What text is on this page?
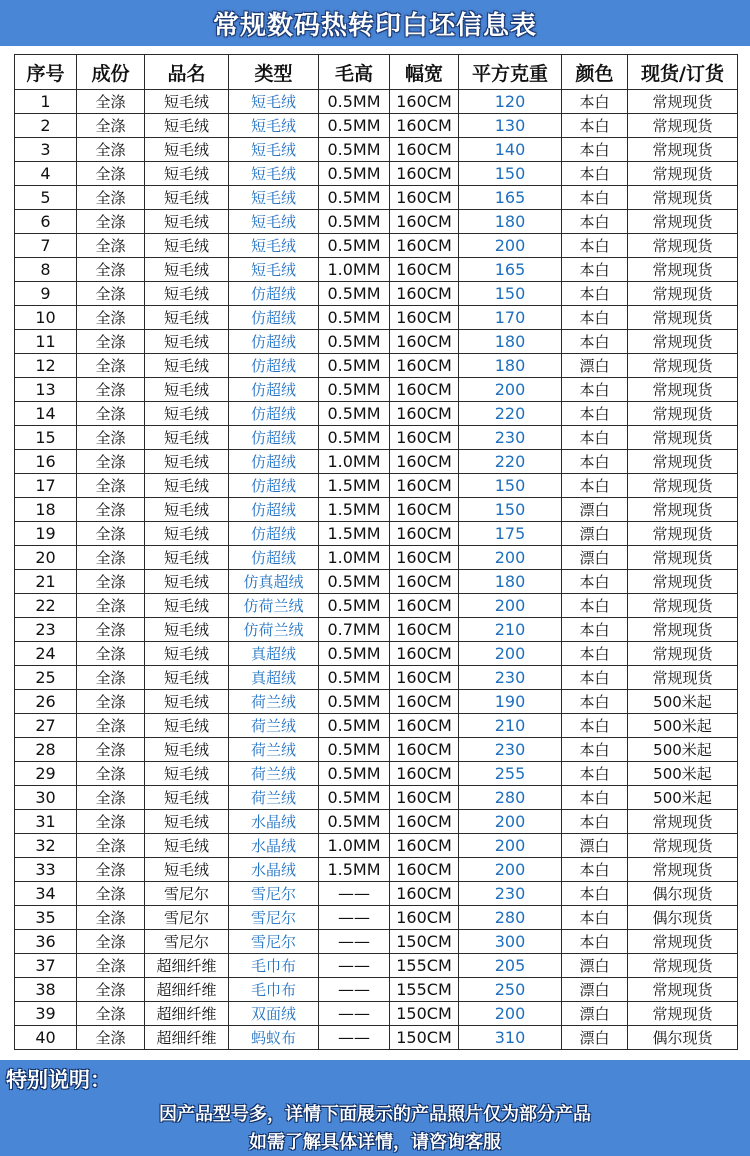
常规数码热转印白坯信息表
序号	成份	品名	类型	毛高	幅宽	平方克重	颜色	现货/订货
1	全涤	短毛绒	短毛绒	0.5MM	160CM	120	本白	常规现货
2	全涤	短毛绒	短毛绒	0.5MM	160CM	130	本白	常规现货
3	全涤	短毛绒	短毛绒	0.5MM	160CM	140	本白	常规现货
4	全涤	短毛绒	短毛绒	0.5MM	160CM	150	本白	常规现货
5	全涤	短毛绒	短毛绒	0.5MM	160CM	165	本白	常规现货
6	全涤	短毛绒	短毛绒	0.5MM	160CM	180	本白	常规现货
7	全涤	短毛绒	短毛绒	0.5MM	160CM	200	本白	常规现货
8	全涤	短毛绒	短毛绒	1.0MM	160CM	165	本白	常规现货
9	全涤	短毛绒	仿超绒	0.5MM	160CM	150	本白	常规现货
10	全涤	短毛绒	仿超绒	0.5MM	160CM	170	本白	常规现货
11	全涤	短毛绒	仿超绒	0.5MM	160CM	180	本白	常规现货
12	全涤	短毛绒	仿超绒	0.5MM	160CM	180	漂白	常规现货
13	全涤	短毛绒	仿超绒	0.5MM	160CM	200	本白	常规现货
14	全涤	短毛绒	仿超绒	0.5MM	160CM	220	本白	常规现货
15	全涤	短毛绒	仿超绒	0.5MM	160CM	230	本白	常规现货
16	全涤	短毛绒	仿超绒	1.0MM	160CM	220	本白	常规现货
17	全涤	短毛绒	仿超绒	1.5MM	160CM	150	本白	常规现货
18	全涤	短毛绒	仿超绒	1.5MM	160CM	150	漂白	常规现货
19	全涤	短毛绒	仿超绒	1.5MM	160CM	175	漂白	常规现货
20	全涤	短毛绒	仿超绒	1.0MM	160CM	200	漂白	常规现货
21	全涤	短毛绒	仿真超绒	0.5MM	160CM	180	本白	常规现货
22	全涤	短毛绒	仿荷兰绒	0.5MM	160CM	200	本白	常规现货
23	全涤	短毛绒	仿荷兰绒	0.7MM	160CM	210	本白	常规现货
24	全涤	短毛绒	真超绒	0.5MM	160CM	200	本白	常规现货
25	全涤	短毛绒	真超绒	0.5MM	160CM	230	本白	常规现货
26	全涤	短毛绒	荷兰绒	0.5MM	160CM	190	本白	500米起
27	全涤	短毛绒	荷兰绒	0.5MM	160CM	210	本白	500米起
28	全涤	短毛绒	荷兰绒	0.5MM	160CM	230	本白	500米起
29	全涤	短毛绒	荷兰绒	0.5MM	160CM	255	本白	500米起
30	全涤	短毛绒	荷兰绒	0.5MM	160CM	280	本白	500米起
31	全涤	短毛绒	水晶绒	0.5MM	160CM	200	本白	常规现货
32	全涤	短毛绒	水晶绒	1.0MM	160CM	200	漂白	常规现货
33	全涤	短毛绒	水晶绒	1.5MM	160CM	200	本白	常规现货
34	全涤	雪尼尔	雪尼尔	——	160CM	230	本白	偶尔现货
35	全涤	雪尼尔	雪尼尔	——	160CM	280	本白	偶尔现货
36	全涤	雪尼尔	雪尼尔	——	150CM	300	本白	常规现货
37	全涤	超细纤维	毛巾布	——	155CM	205	漂白	常规现货
38	全涤	超细纤维	毛巾布	——	155CM	250	漂白	常规现货
39	全涤	超细纤维	双面绒	——	150CM	200	漂白	常规现货
40	全涤	超细纤维	蚂蚁布	——	150CM	310	漂白	偶尔现货
特别说明：
因产品型号多，详情下面展示的产品照片仅为部分产品
如需了解具体详情，请咨询客服
